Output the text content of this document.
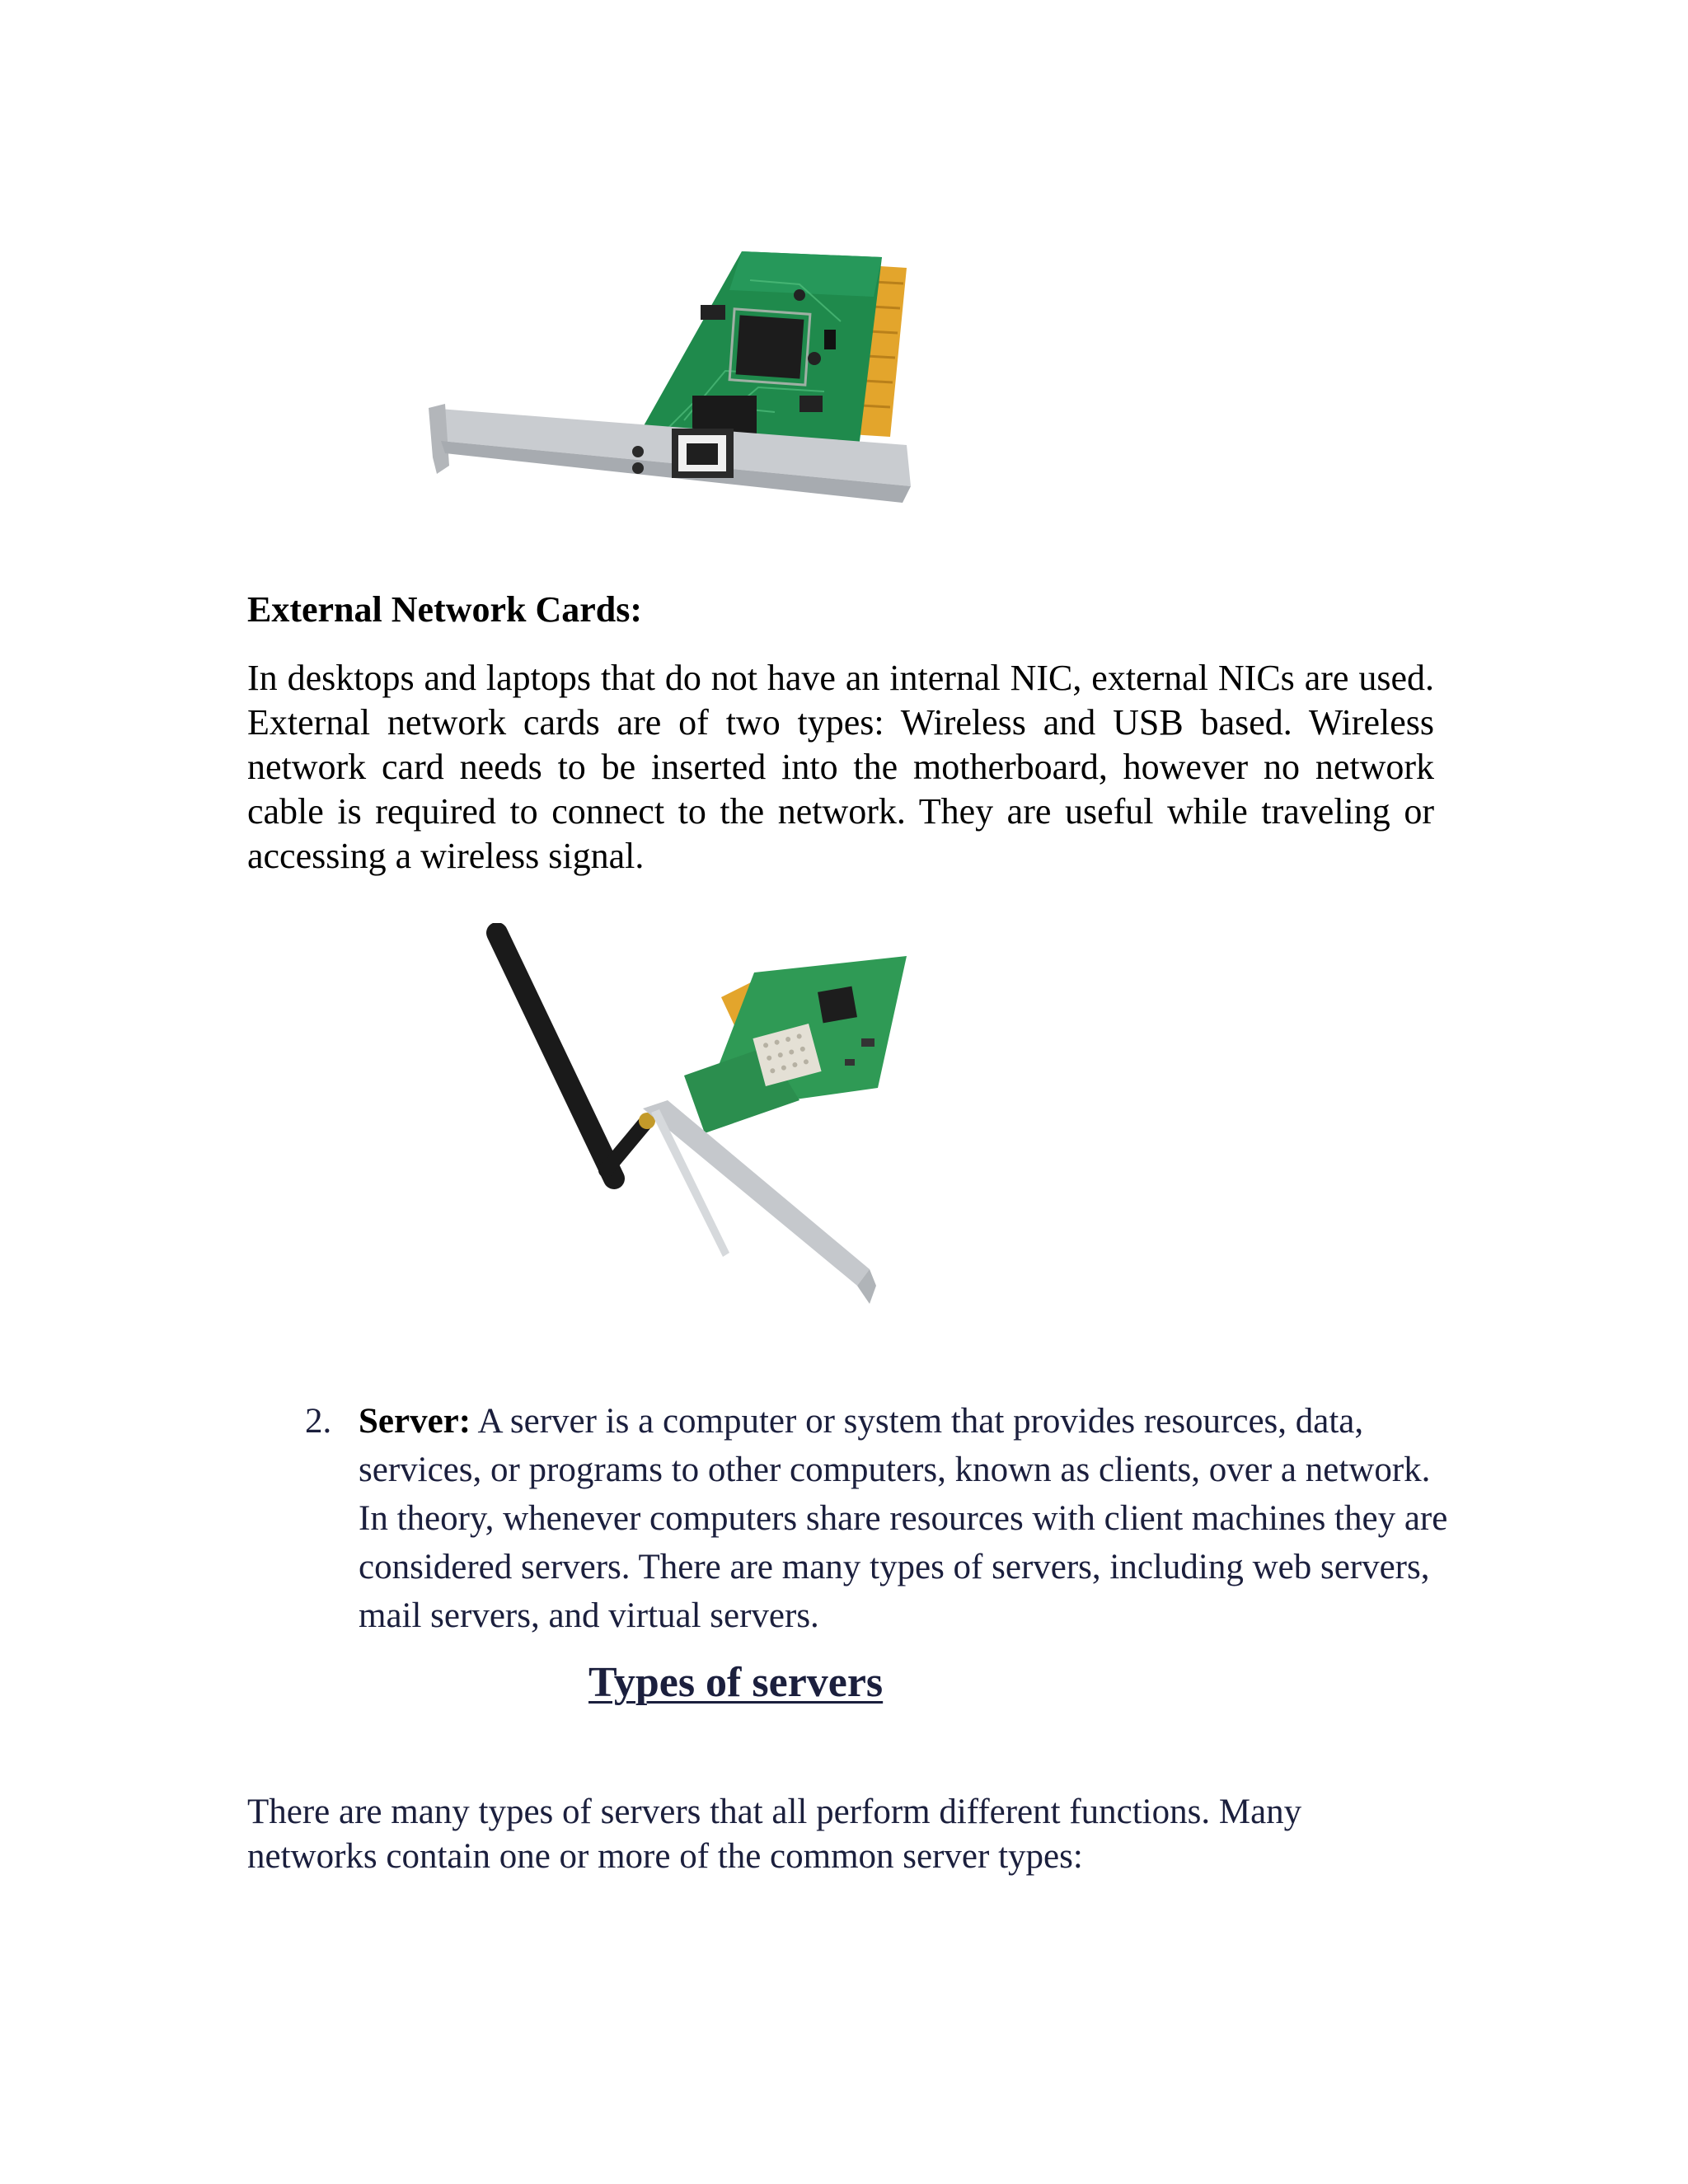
External Network Cards:
In desktops and laptops that do not have an internal NIC, external NICs are used. External network cards are of two types: Wireless and USB based. Wireless network card needs to be inserted into the motherboard, however no network cable is required to connect to the network. They are useful while traveling or accessing a wireless signal.
2. Server: A server is a computer or system that provides resources, data, services, or programs to other computers, known as clients, over a network. In theory, whenever computers share resources with client machines they are considered servers. There are many types of servers, including web servers, mail servers, and virtual servers.
Types of servers
There are many types of servers that all perform different functions. Many networks contain one or more of the common server types:
